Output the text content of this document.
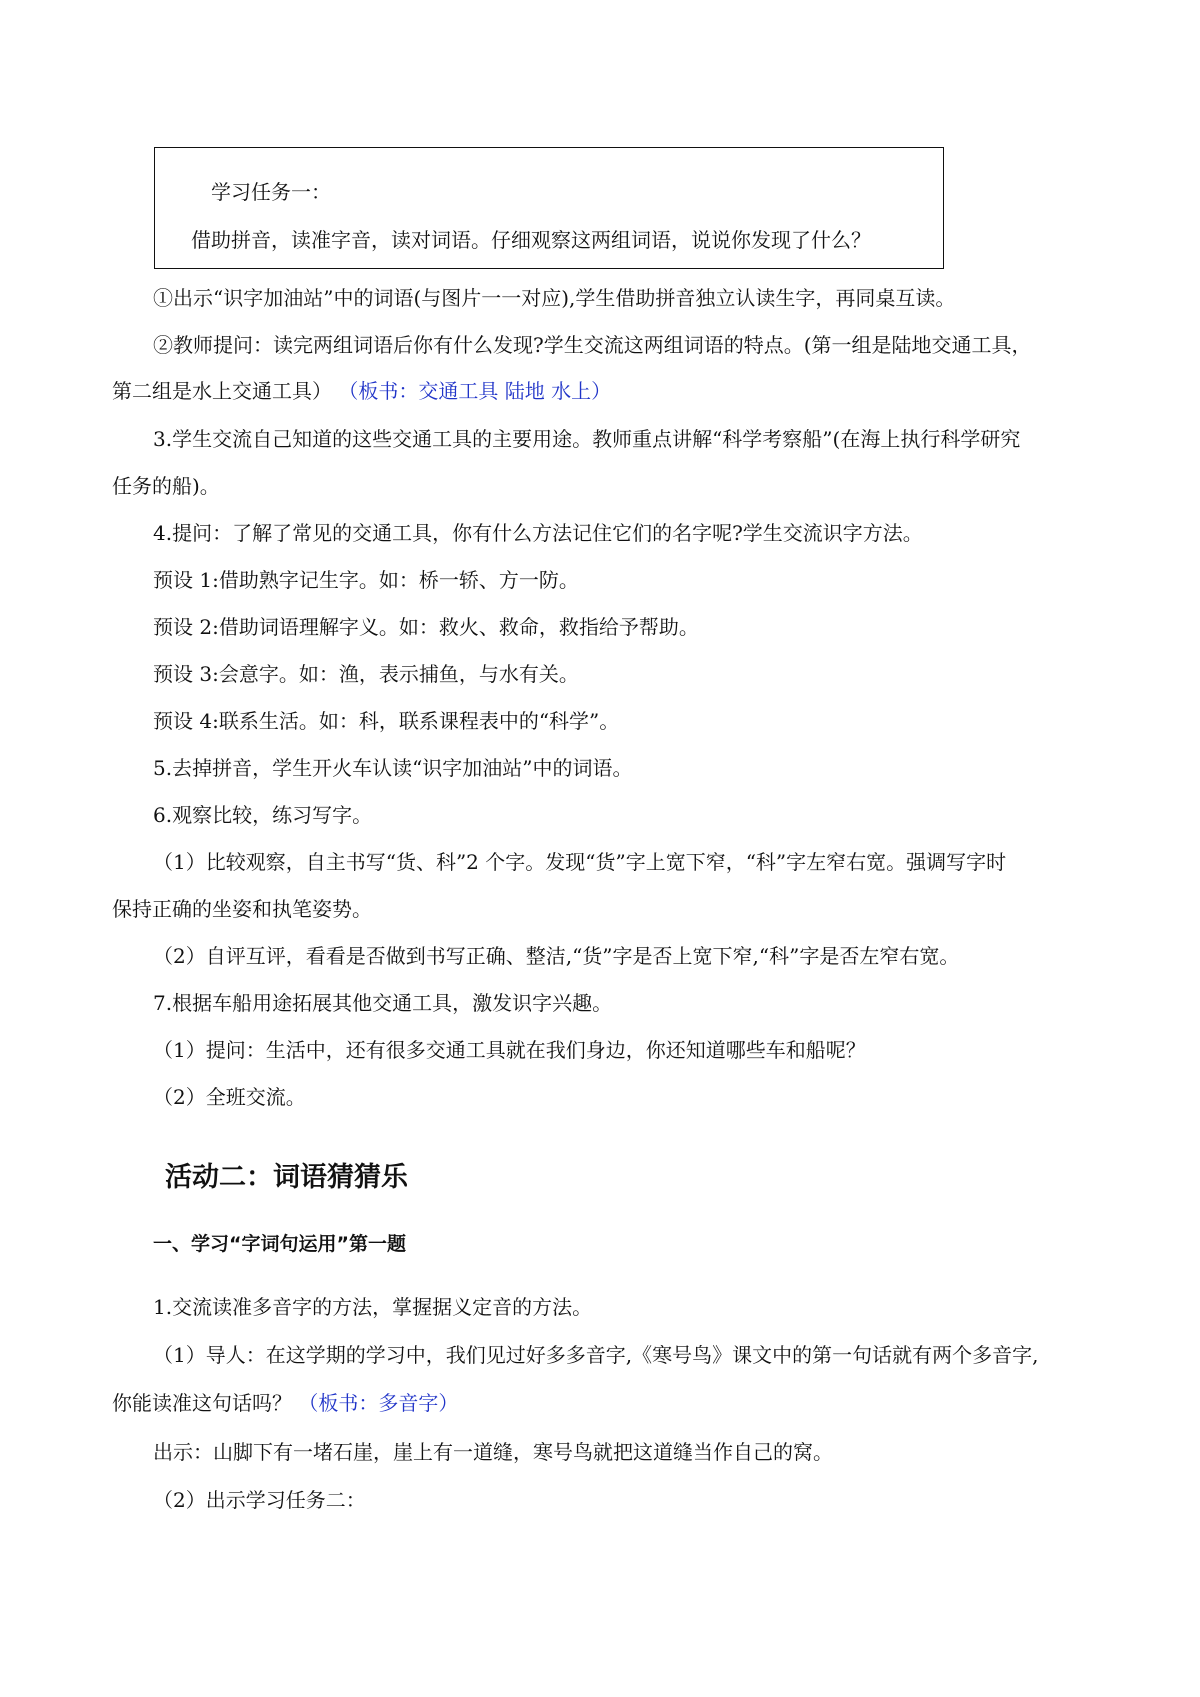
学习任务一：
借助拼音，读准字音，读对词语。仔细观察这两组词语，说说你发现了什么？
①出示“识字加油站”中的词语(与图片一一对应),学生借助拼音独立认读生字，再同桌互读。
②教师提问：读完两组词语后你有什么发现?学生交流这两组词语的特点。(第一组是陆地交通工具，
第二组是水上交通工具） （板书：交通工具 陆地 水上）
3.学生交流自己知道的这些交通工具的主要用途。教师重点讲解“科学考察船”(在海上执行科学研究
任务的船)。
4.提问：了解了常见的交通工具，你有什么方法记住它们的名字呢?学生交流识字方法。
预设 1:借助熟字记生字。如：桥一轿、方一防。
预设 2:借助词语理解字义。如：救火、救命，救指给予帮助。
预设 3:会意字。如：渔，表示捕鱼，与水有关。
预设 4:联系生活。如：科，联系课程表中的“科学”。
5.去掉拼音，学生开火车认读“识字加油站”中的词语。
6.观察比较，练习写字。
（1）比较观察，自主书写“货、科”2 个字。发现“货”字上宽下窄，“科”字左窄右宽。强调写字时
保持正确的坐姿和执笔姿势。
（2）自评互评，看看是否做到书写正确、整洁,“货”字是否上宽下窄,“科”字是否左窄右宽。
7.根据车船用途拓展其他交通工具，激发识字兴趣。
（1）提问：生活中，还有很多交通工具就在我们身边，你还知道哪些车和船呢？
（2）全班交流。
活动二：词语猜猜乐
一、学习“字词句运用”第一题
1.交流读准多音字的方法，掌握据义定音的方法。
（1）导人：在这学期的学习中，我们见过好多多音字,《寒号鸟》课文中的第一句话就有两个多音字,
你能读准这句话吗？ （板书：多音字）
出示：山脚下有一堵石崖，崖上有一道缝，寒号鸟就把这道缝当作自己的窝。
（2）出示学习任务二：
